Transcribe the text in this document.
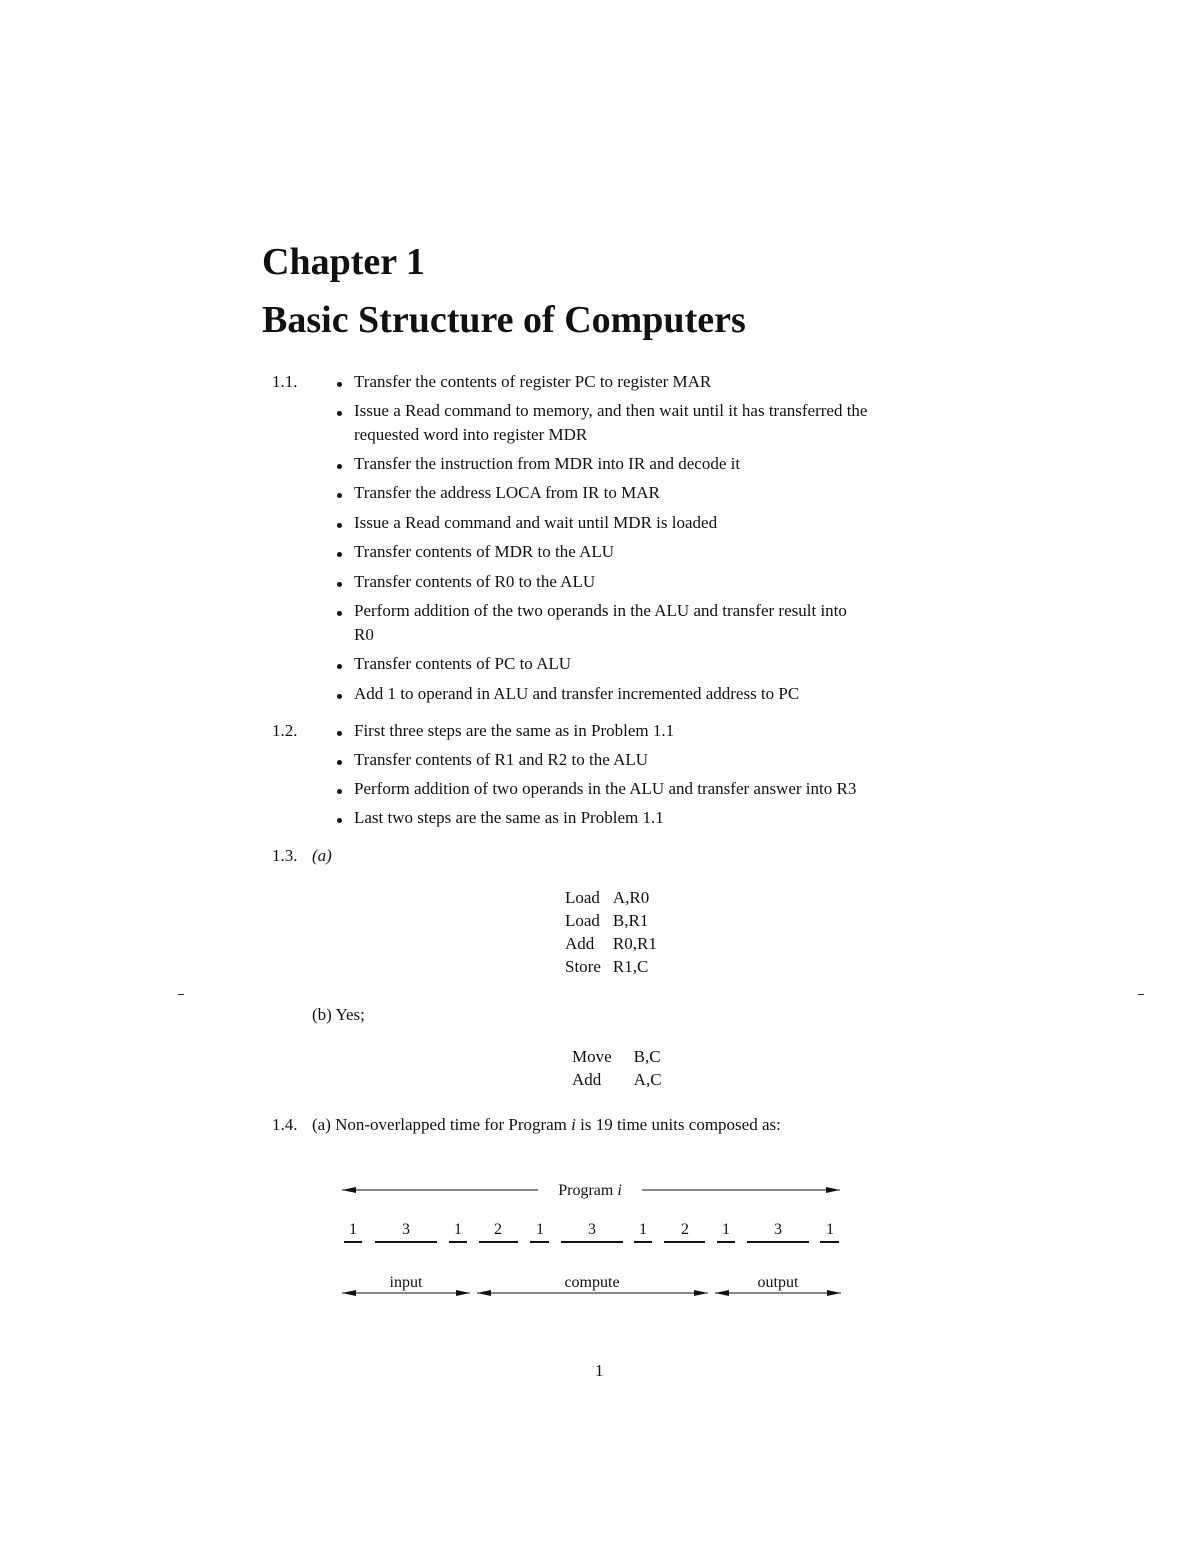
Chapter 1
Basic Structure of Computers
1.1.	Transfer the contents of register PC to register MAR
Issue a Read command to memory, and then wait until it has transferred the
requested word into register MDR
Transfer the instruction from MDR into IR and decode it
Transfer the address LOCA from IR to MAR
Issue a Read command and wait until MDR is loaded
Transfer contents of MDR to the ALU
Transfer contents of R0 to the ALU
Perform addition of the two operands in the ALU and transfer result into
R0
Transfer contents of PC to ALU
Add 1 to operand in ALU and transfer incremented address to PC
1.2.	First three steps are the same as in Problem 1.1
Transfer contents of R1 and R2 to the ALU
Perform addition of two operands in the ALU and transfer answer into R3
Last two steps are the same as in Problem 1.1
1.3. (a)
Load	A,R0
Load	B,R1
Add	R0,R1
Store	R1,C
(b) Yes;
Move	B,C
Add	A,C
1.4. (a) Non-overlapped time for Program i is 19 time units composed as:
Program i
1	3	1 2 1	3	1 2 1	3	1
input	compute	output
1
